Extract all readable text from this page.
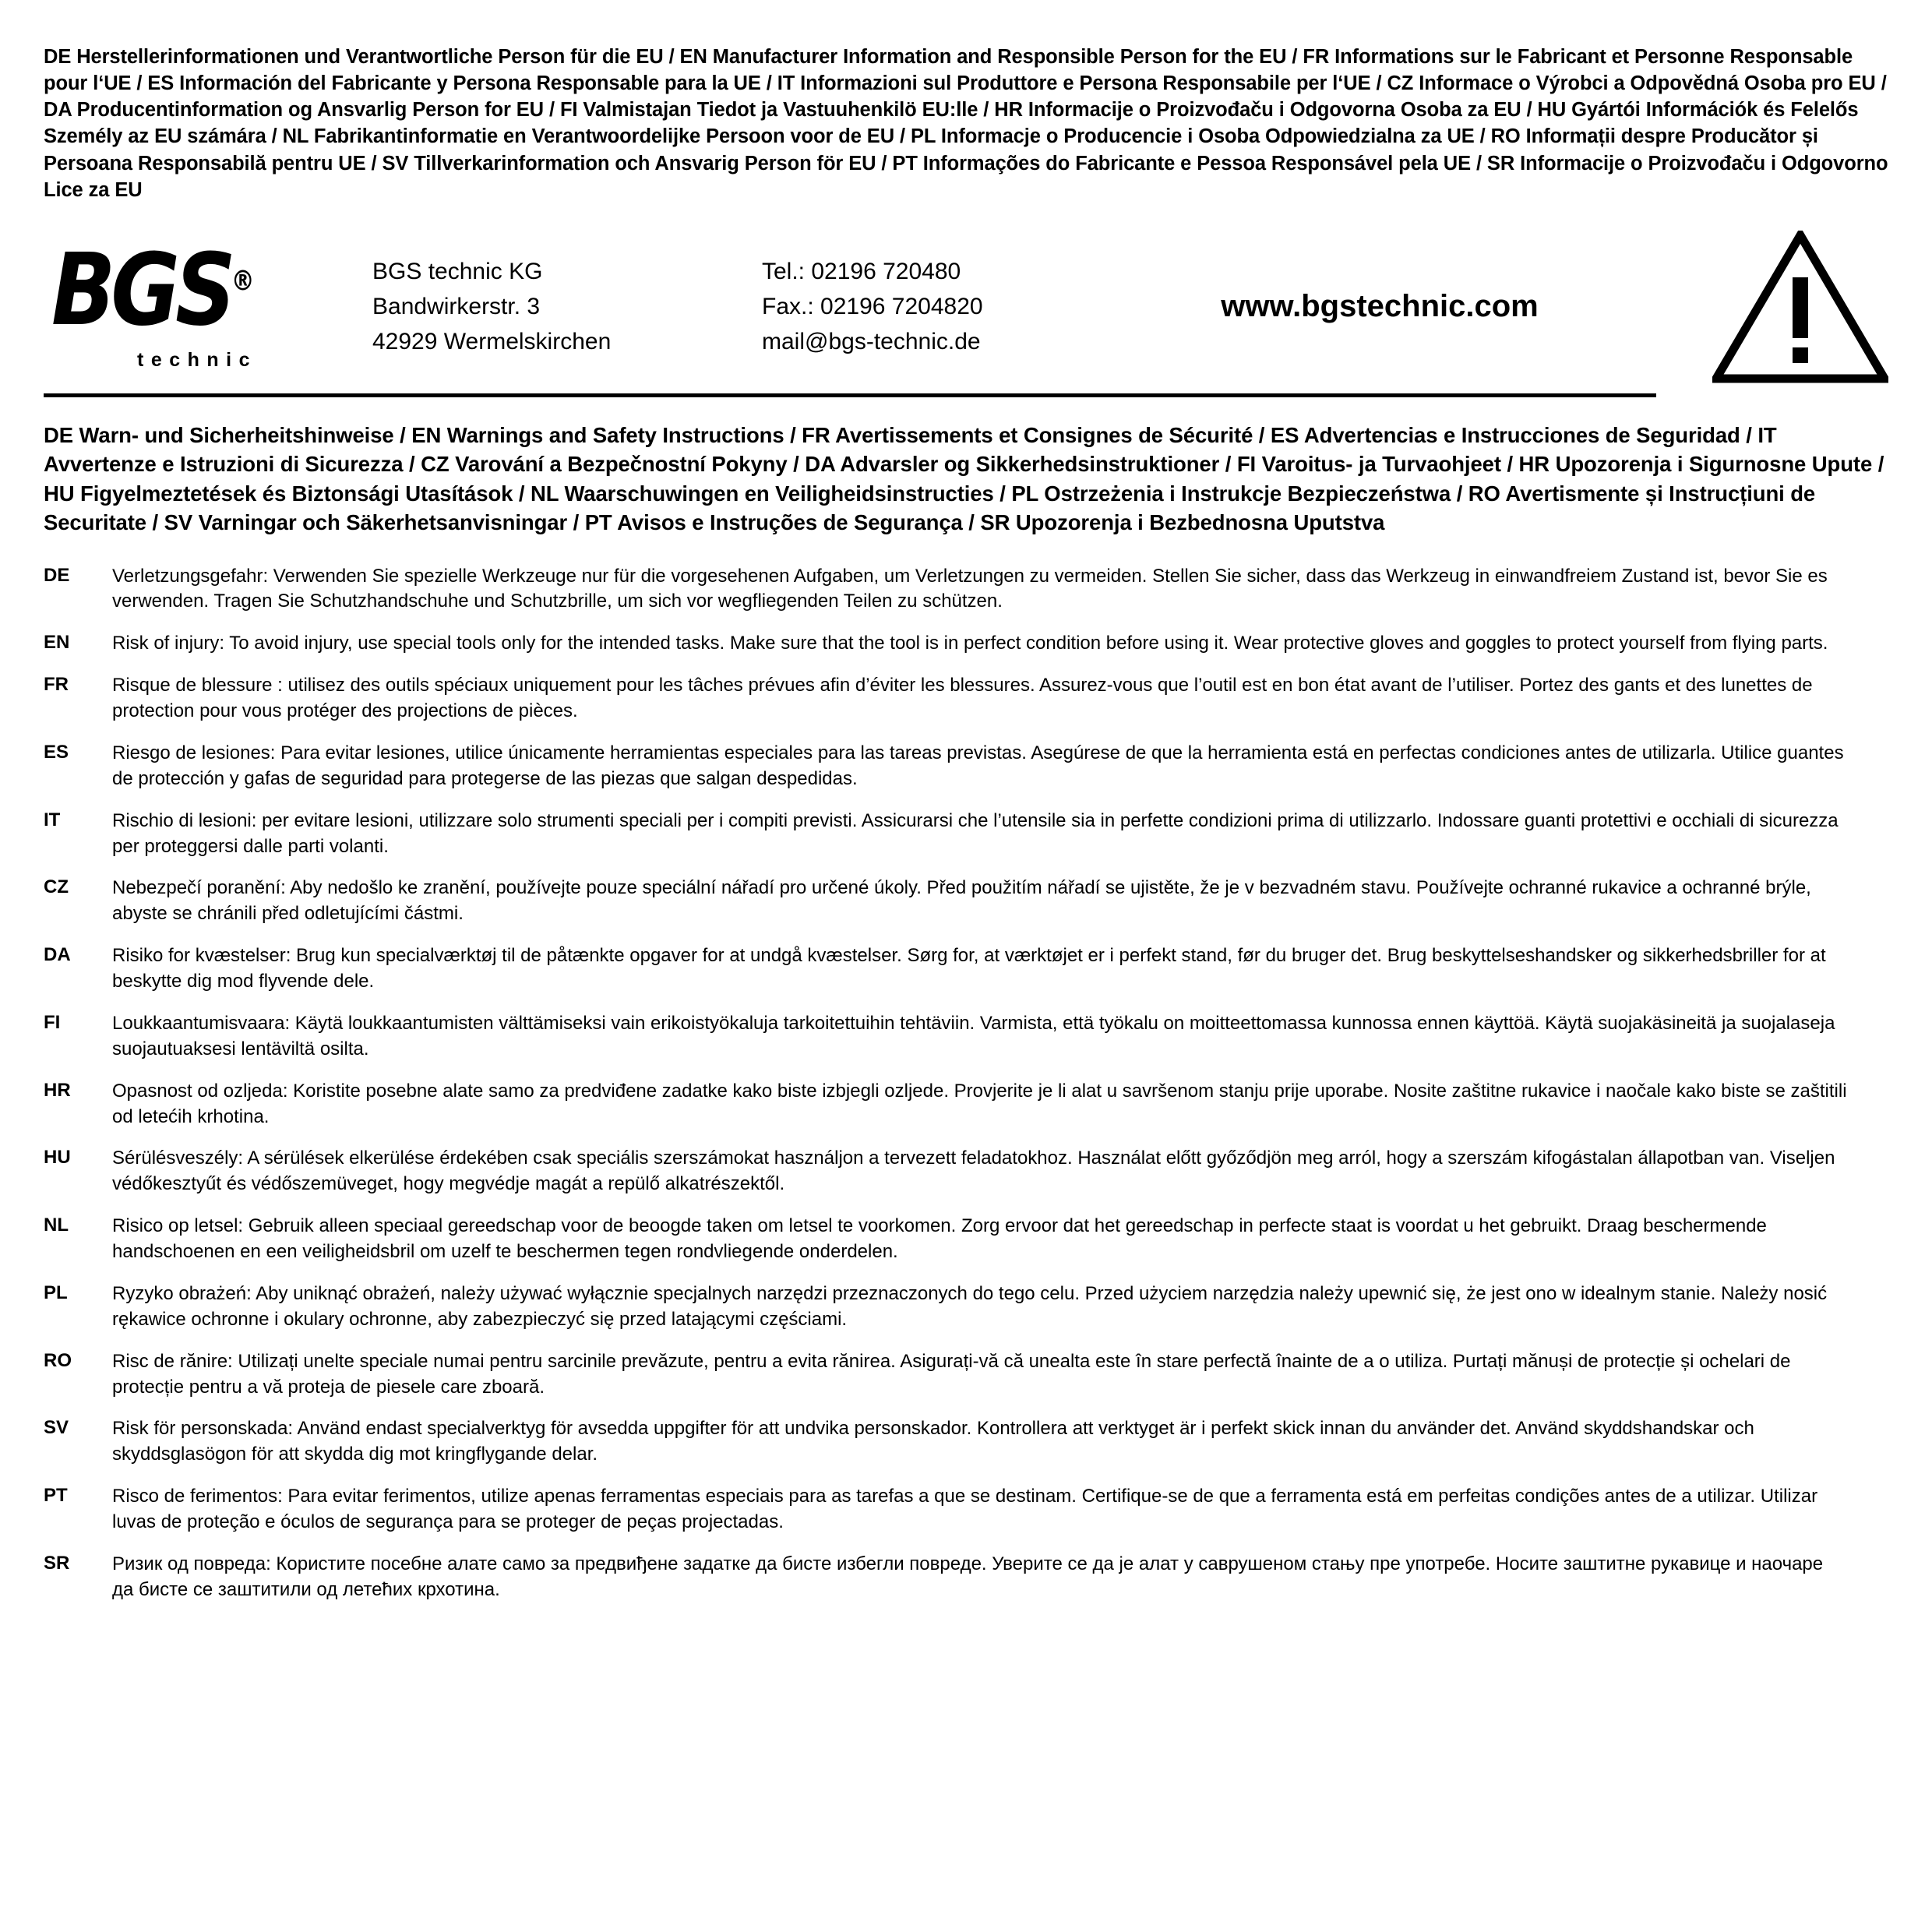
DE Herstellerinformationen und Verantwortliche Person für die EU / EN Manufacturer Information and Responsible Person for the EU / FR Informations sur le Fabricant et Personne Responsable pour l‘UE / ES Información del Fabricante y Persona Responsable para la UE / IT Informazioni sul Produttore e Persona Responsabile per l‘UE / CZ Informace o Výrobci a Odpovědná Osoba pro EU / DA Producentinformation og Ansvarlig Person for EU / FI Valmistajan Tiedot ja Vastuuhenkilö EU:lle / HR Informacije o Proizvođaču i Odgovorna Osoba za EU / HU Gyártói Információk és Felelős Személy az EU számára / NL Fabrikantinformatie en Verantwoordelijke Persoon voor de EU / PL Informacje o Producencie i Osoba Odpowiedzialna za UE / RO Informații despre Producător și Persoana Responsabilă pentru UE / SV Tillverkarinformation och Ansvarig Person för EU / PT Informações do Fabricante e Pessoa Responsável pela UE / SR Informacije o Proizvođaču i Odgovorno Lice za EU
BGS®
technic
BGS technic KG
Bandwirkerstr. 3
42929 Wermelskirchen
Tel.: 02196 720480
Fax.: 02196 7204820
mail@bgs-technic.de
www.bgstechnic.com
DE Warn- und Sicherheitshinweise / EN Warnings and Safety Instructions / FR Avertissements et Consignes de Sécurité / ES Advertencias e Instrucciones de Seguridad / IT Avvertenze e Istruzioni di Sicurezza / CZ Varování a Bezpečnostní Pokyny / DA Advarsler og Sikkerhedsinstruktioner / FI Varoitus- ja Turvaohjeet / HR Upozorenja i Sigurnosne Upute / HU Figyelmeztetések és Biztonsági Utasítások / NL Waarschuwingen en Veiligheidsinstructies / PL Ostrzeżenia i Instrukcje Bezpieczeństwa / RO Avertismente și Instrucțiuni de Securitate / SV Varningar och Säkerhetsanvisningar / PT Avisos e Instruções de Segurança / SR Upozorenja i Bezbednosna Uputstva
DE	Verletzungsgefahr: Verwenden Sie spezielle Werkzeuge nur für die vorgesehenen Aufgaben, um Verletzungen zu vermeiden. Stellen Sie sicher, dass das Werkzeug in einwandfreiem Zustand ist, bevor Sie es verwenden. Tragen Sie Schutzhandschuhe und Schutzbrille, um sich vor wegfliegenden Teilen zu schützen.
EN	Risk of injury: To avoid injury, use special tools only for the intended tasks. Make sure that the tool is in perfect condition before using it. Wear protective gloves and goggles to protect yourself from flying parts.
FR	Risque de blessure : utilisez des outils spéciaux uniquement pour les tâches prévues afin d’éviter les blessures. Assurez-vous que l’outil est en bon état avant de l’utiliser. Portez des gants et des lunettes de protection pour vous protéger des projections de pièces.
ES	Riesgo de lesiones: Para evitar lesiones, utilice únicamente herramientas especiales para las tareas previstas. Asegúrese de que la herramienta está en perfectas condiciones antes de utilizarla. Utilice guantes de protección y gafas de seguridad para protegerse de las piezas que salgan despedidas.
IT	Rischio di lesioni: per evitare lesioni, utilizzare solo strumenti speciali per i compiti previsti. Assicurarsi che l’utensile sia in perfette condizioni prima di utilizzarlo. Indossare guanti protettivi e occhiali di sicurezza per proteggersi dalle parti volanti.
CZ	Nebezpečí poranění: Aby nedošlo ke zranění, používejte pouze speciální nářadí pro určené úkoly. Před použitím nářadí se ujistěte, že je v bezvadném stavu. Používejte ochranné rukavice a ochranné brýle, abyste se chránili před odletujícími částmi.
DA	Risiko for kvæstelser: Brug kun specialværktøj til de påtænkte opgaver for at undgå kvæstelser. Sørg for, at værktøjet er i perfekt stand, før du bruger det. Brug beskyttelseshandsker og sikkerhedsbriller for at beskytte dig mod flyvende dele.
FI	Loukkaantumisvaara: Käytä loukkaantumisten välttämiseksi vain erikoistyökaluja tarkoitettuihin tehtäviin. Varmista, että työkalu on moitteettomassa kunnossa ennen käyttöä. Käytä suojakäsineitä ja suojalaseja suojautuaksesi lentäviltä osilta.
HR	Opasnost od ozljeda: Koristite posebne alate samo za predviđene zadatke kako biste izbjegli ozljede. Provjerite je li alat u savršenom stanju prije uporabe. Nosite zaštitne rukavice i naočale kako biste se zaštitili od letećih krhotina.
HU	Sérülésveszély: A sérülések elkerülése érdekében csak speciális szerszámokat használjon a tervezett feladatokhoz. Használat előtt győződjön meg arról, hogy a szerszám kifogástalan állapotban van. Viseljen védőkesztyűt és védőszemüveget, hogy megvédje magát a repülő alkatrészektől.
NL	Risico op letsel: Gebruik alleen speciaal gereedschap voor de beoogde taken om letsel te voorkomen. Zorg ervoor dat het gereedschap in perfecte staat is voordat u het gebruikt. Draag beschermende handschoenen en een veiligheidsbril om uzelf te beschermen tegen rondvliegende onderdelen.
PL	Ryzyko obrażeń: Aby uniknąć obrażeń, należy używać wyłącznie specjalnych narzędzi przeznaczonych do tego celu. Przed użyciem narzędzia należy upewnić się, że jest ono w idealnym stanie. Należy nosić rękawice ochronne i okulary ochronne, aby zabezpieczyć się przed latającymi częściami.
RO	Risc de rănire: Utilizați unelte speciale numai pentru sarcinile prevăzute, pentru a evita rănirea. Asigurați-vă că unealta este în stare perfectă înainte de a o utiliza. Purtați mănuși de protecție și ochelari de protecție pentru a vă proteja de piesele care zboară.
SV	Risk för personskada: Använd endast specialverktyg för avsedda uppgifter för att undvika personskador. Kontrollera att verktyget är i perfekt skick innan du använder det. Använd skyddshandskar och skyddsglasögon för att skydda dig mot kringflygande delar.
PT	Risco de ferimentos: Para evitar ferimentos, utilize apenas ferramentas especiais para as tarefas a que se destinam. Certifique-se de que a ferramenta está em perfeitas condições antes de a utilizar. Utilizar luvas de proteção e óculos de segurança para se proteger de peças projectadas.
SR	Ризик од повреда: Користите посебне алате само за предвиђене задатке да бисте избегли повреде. Уверите се да је алат у саврушеном стању пре употребе. Носите заштитне рукавице и наочаре да бисте се заштитили од летећих крхотина.
